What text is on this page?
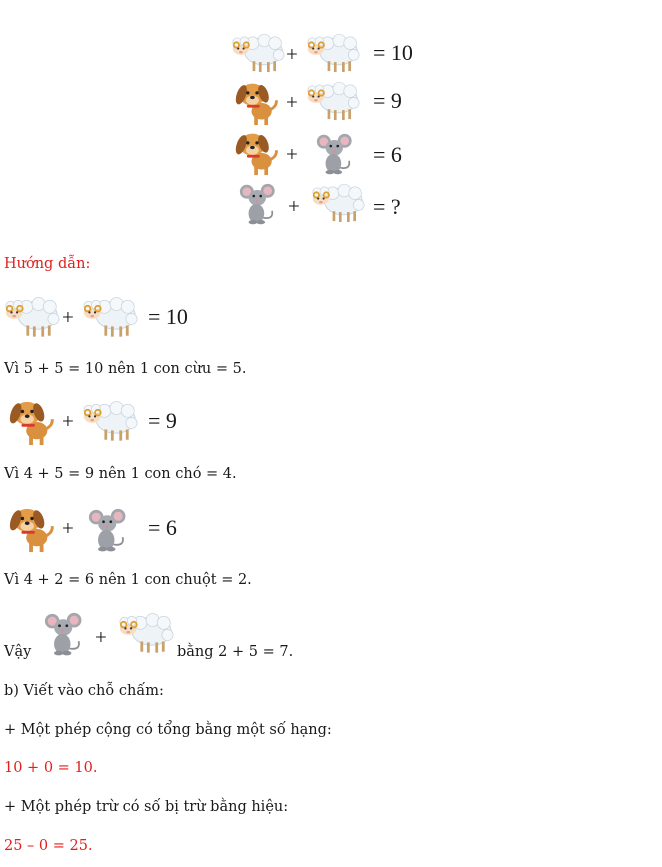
+	= 10
+	= 9
+	= 6
+	= ?
Hướng dẫn:
+	= 10
Vì 5 + 5 = 10 nên 1 con cừu = 5.
+	= 9
Vì 4 + 5 = 9 nên 1 con chó = 4.
+	= 6
Vì 4 + 2 = 6 nên 1 con chuột = 2.
Vậy
+
bằng 2 + 5 = 7.
b) Viết vào chỗ chấm:
+ Một phép cộng có tổng bằng một số hạng:
10 + 0 = 10.
+ Một phép trừ có số bị trừ bằng hiệu:
25 – 0 = 25.
